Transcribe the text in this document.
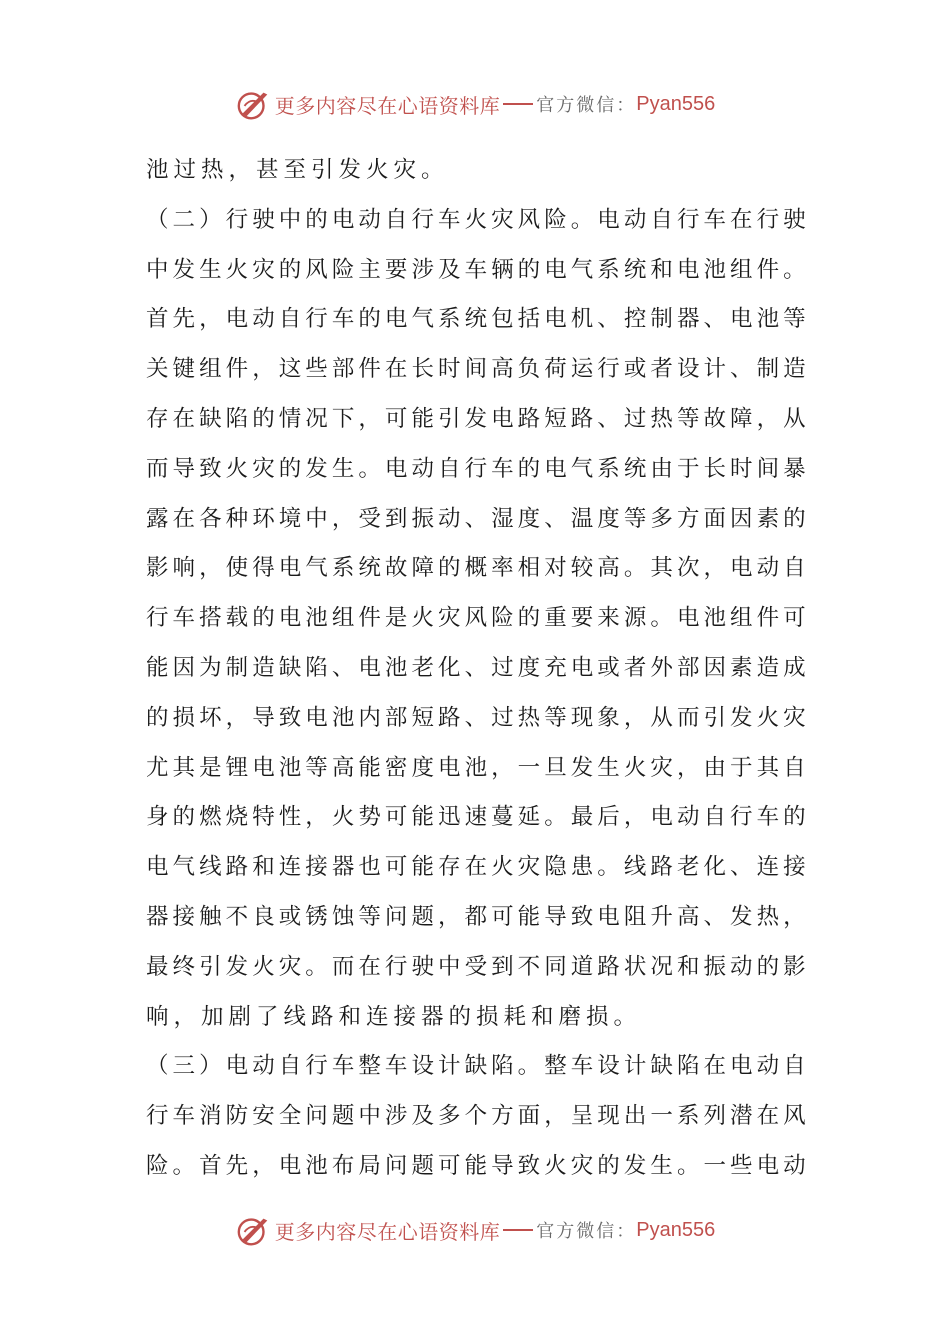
更多内容尽在心语资料库 官方微信： Pyan556
池过热，甚至引发火灾。
（ 二 ） 行 驶 中 的 电 动 自 行 车 火 灾 风 险 。 电 动 自 行 车 在 行 驶
中 发 生 火 灾 的 风 险 主 要 涉 及 车 辆 的 电 气 系 统 和 电 池 组 件 。
首 先 ， 电 动 自 行 车 的 电 气 系 统 包 括 电 机 、 控 制 器 、 电 池 等
关 键 组 件 ， 这 些 部 件 在 长 时 间 高 负 荷 运 行 或 者 设 计 、 制 造
存 在 缺 陷 的 情 况 下 ， 可 能 引 发 电 路 短 路 、 过 热 等 故 障 ， 从
而 导 致 火 灾 的 发 生 。 电 动 自 行 车 的 电 气 系 统 由 于 长 时 间 暴
露 在 各 种 环 境 中 ， 受 到 振 动 、 湿 度 、 温 度 等 多 方 面 因 素 的
影 响 ， 使 得 电 气 系 统 故 障 的 概 率 相 对 较 高 。 其 次 ， 电 动 自
行 车 搭 载 的 电 池 组 件 是 火 灾 风 险 的 重 要 来 源 。 电 池 组 件 可
能 因 为 制 造 缺 陷 、 电 池 老 化 、 过 度 充 电 或 者 外 部 因 素 造 成
的 损 坏 ， 导 致 电 池 内 部 短 路 、 过 热 等 现 象 ， 从 而 引 发 火 灾
尤 其 是 锂 电 池 等 高 能 密 度 电 池 ， 一 旦 发 生 火 灾 ， 由 于 其 自
身 的 燃 烧 特 性 ， 火 势 可 能 迅 速 蔓 延 。 最 后 ， 电 动 自 行 车 的
电 气 线 路 和 连 接 器 也 可 能 存 在 火 灾 隐 患 。 线 路 老 化 、 连 接
器 接 触 不 良 或 锈 蚀 等 问 题 ， 都 可 能 导 致 电 阻 升 高 、 发 热 ，
最 终 引 发 火 灾 。 而 在 行 驶 中 受 到 不 同 道 路 状 况 和 振 动 的 影
响，加剧了线路和连接器的损耗和磨损。
（ 三 ） 电 动 自 行 车 整 车 设 计 缺 陷 。 整 车 设 计 缺 陷 在 电 动 自
行 车 消 防 安 全 问 题 中 涉 及 多 个 方 面 ， 呈 现 出 一 系 列 潜 在 风
险 。 首 先 ， 电 池 布 局 问 题 可 能 导 致 火 灾 的 发 生 。 一 些 电 动
更多内容尽在心语资料库 官方微信： Pyan556
